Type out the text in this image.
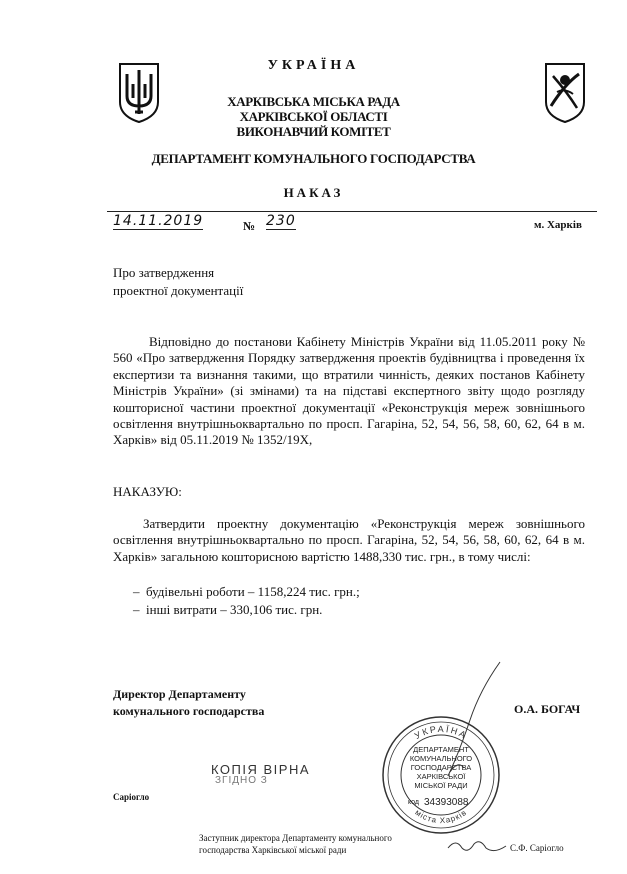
УКРАЇНА
ХАРКІВСЬКА МІСЬКА РАДА
ХАРКІВСЬКОЇ ОБЛАСТІ
ВИКОНАВЧИЙ КОМІТЕТ
ДЕПАРТАМЕНТ КОМУНАЛЬНОГО ГОСПОДАРСТВА
НАКАЗ
14.11.2019	№ 230	м. Харків
Про затвердження
проектної документації
Відповідно до постанови Кабінету Міністрів України від 11.05.2011 року № 560 «Про затвердження Порядку затвердження проектів будівництва і проведення їх експертизи та визнання такими, що втратили чинність, деяких постанов Кабінету Міністрів України» (зі змінами) та на підставі експертного звіту щодо розгляду кошторисної частини проектної документації «Реконструкція мереж зовнішнього освітлення внутрішньоквартально по просп. Гагаріна, 52, 54, 56, 58, 60, 62, 64 в м. Харків» від 05.11.2019 № 1352/19Х,
НАКАЗУЮ:
Затвердити проектну документацію «Реконструкція мереж зовнішнього освітлення внутрішньоквартально по просп. Гагаріна, 52, 54, 56, 58, 60, 62, 64 в м. Харків» загальною кошторисною вартістю 1488,330 тис. грн., в тому числі:
–  будівельні роботи – 1158,224 тис. грн.;
–  інші витрати – 330,106 тис. грн.
Директор Департаменту
комунального господарства	О.А. БОГАЧ
КОПІЯ ВІРНА
ЗГІДНО З
Саріогло
УКРАЇНА
міста Харків
ДЕПАРТАМЕНТ
КОМУНАЛЬНОГО
ГОСПОДАРСТВА
ХАРКІВСЬКОЇ
МІСЬКОЇ РАДИ
код 34393088
Заступник директора Департаменту комунального
господарства Харківської міської ради	С.Ф. Саріогло
